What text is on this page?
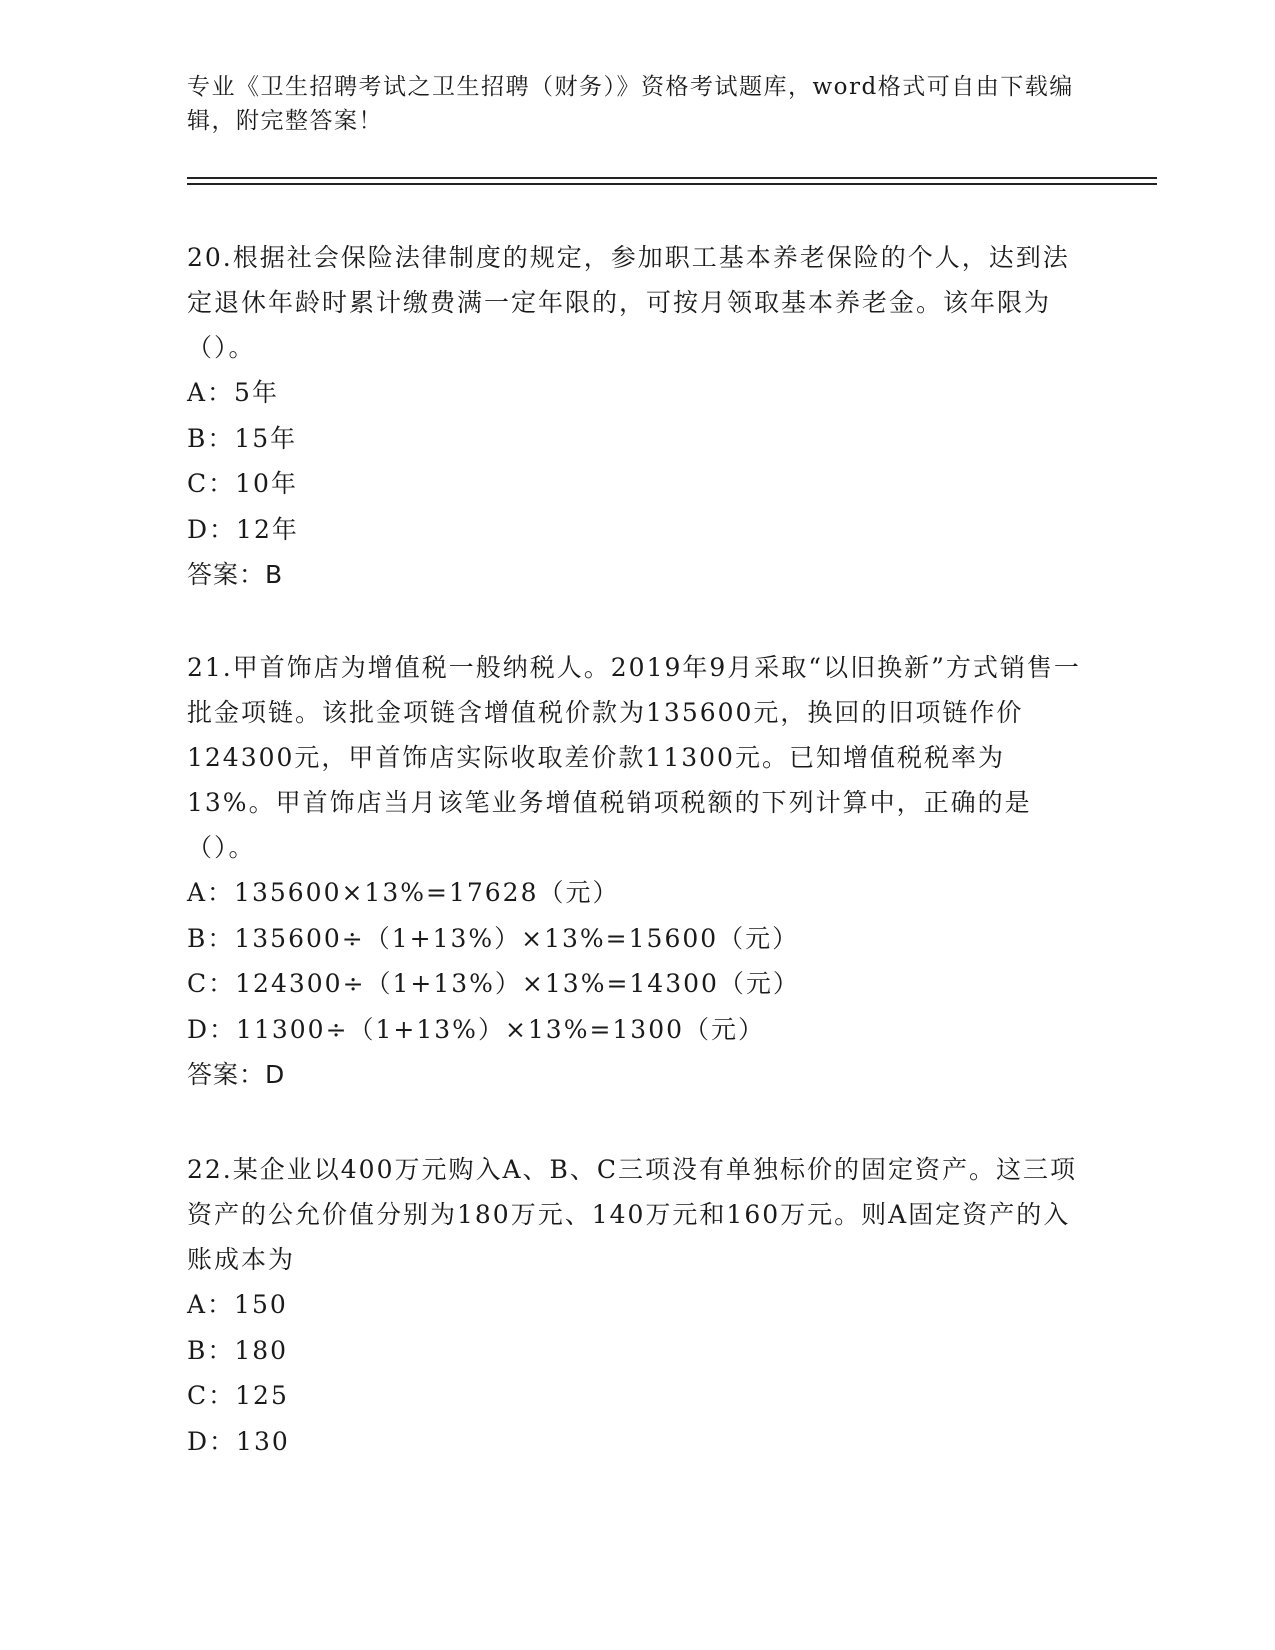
专业《卫生招聘考试之卫生招聘（财务）》资格考试题库，word格式可自由下载编辑，附完整答案！
20.根据社会保险法律制度的规定，参加职工基本养老保险的个人，达到法定退休年龄时累计缴费满一定年限的，可按月领取基本养老金。该年限为（）。
A：5年
B：15年
C：10年
D：12年
答案：B
21.甲首饰店为增值税一般纳税人。2019年9月采取“以旧换新”方式销售一批金项链。该批金项链含增值税价款为135600元，换回的旧项链作价124300元，甲首饰店实际收取差价款11300元。已知增值税税率为13%。甲首饰店当月该笔业务增值税销项税额的下列计算中，正确的是（）。
A：135600×13%=17628（元）
B：135600÷（1+13%）×13%=15600（元）
C：124300÷（1+13%）×13%=14300（元）
D：11300÷（1+13%）×13%=1300（元）
答案：D
22.某企业以400万元购入A、B、C三项没有单独标价的固定资产。这三项资产的公允价值分别为180万元、140万元和160万元。则A固定资产的入账成本为
A：150
B：180
C：125
D：130
